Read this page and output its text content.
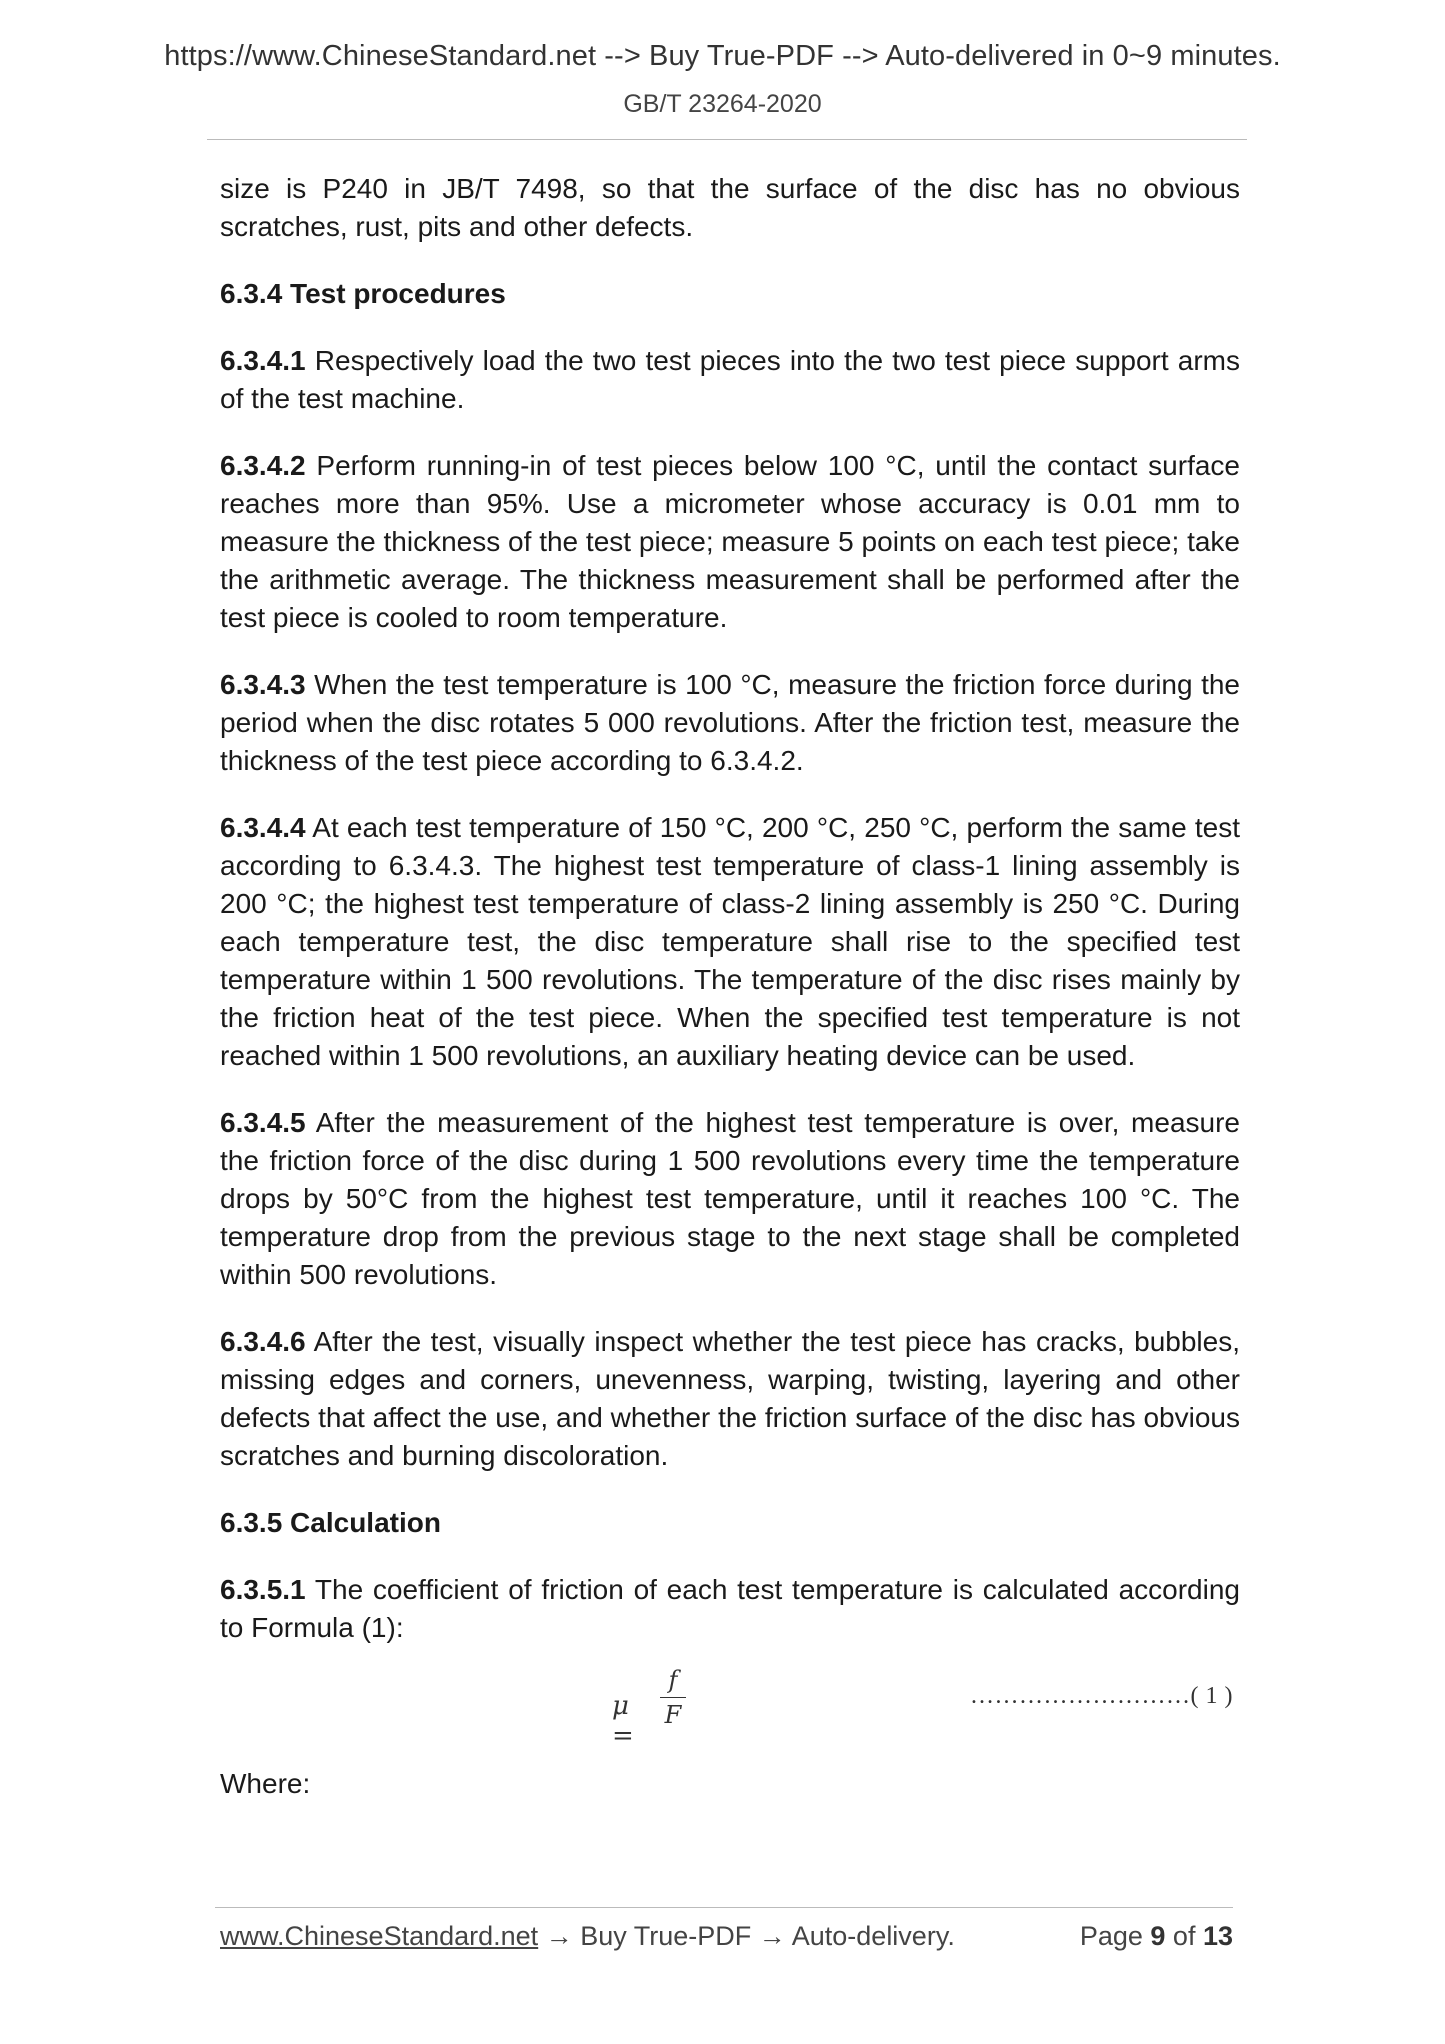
https://www.ChineseStandard.net --> Buy True-PDF --> Auto-delivered in 0~9 minutes.
GB/T 23264-2020

size is P240 in JB/T 7498, so that the surface of the disc has no obvious scratches, rust, pits and other defects.

6.3.4 Test procedures

6.3.4.1 Respectively load the two test pieces into the two test piece support arms of the test machine.

6.3.4.2 Perform running-in of test pieces below 100 °C, until the contact surface reaches more than 95%. Use a micrometer whose accuracy is 0.01 mm to measure the thickness of the test piece; measure 5 points on each test piece; take the arithmetic average. The thickness measurement shall be performed after the test piece is cooled to room temperature.

6.3.4.3 When the test temperature is 100 °C, measure the friction force during the period when the disc rotates 5 000 revolutions. After the friction test, measure the thickness of the test piece according to 6.3.4.2.

6.3.4.4 At each test temperature of 150 °C, 200 °C, 250 °C, perform the same test according to 6.3.4.3. The highest test temperature of class-1 lining assembly is 200 °C; the highest test temperature of class-2 lining assembly is 250 °C. During each temperature test, the disc temperature shall rise to the specified test temperature within 1 500 revolutions. The temperature of the disc rises mainly by the friction heat of the test piece. When the specified test temperature is not reached within 1 500 revolutions, an auxiliary heating device can be used.

6.3.4.5 After the measurement of the highest test temperature is over, measure the friction force of the disc during 1 500 revolutions every time the temperature drops by 50°C from the highest test temperature, until it reaches 100 °C. The temperature drop from the previous stage to the next stage shall be completed within 500 revolutions.

6.3.4.6 After the test, visually inspect whether the test piece has cracks, bubbles, missing edges and corners, unevenness, warping, twisting, layering and other defects that affect the use, and whether the friction surface of the disc has obvious scratches and burning discoloration.

6.3.5 Calculation

6.3.5.1 The coefficient of friction of each test temperature is calculated according to Formula (1):

μ =
f
F
………………………( 1 )

Where:

www.ChineseStandard.net → Buy True-PDF → Auto-delivery.	Page 9 of 13
